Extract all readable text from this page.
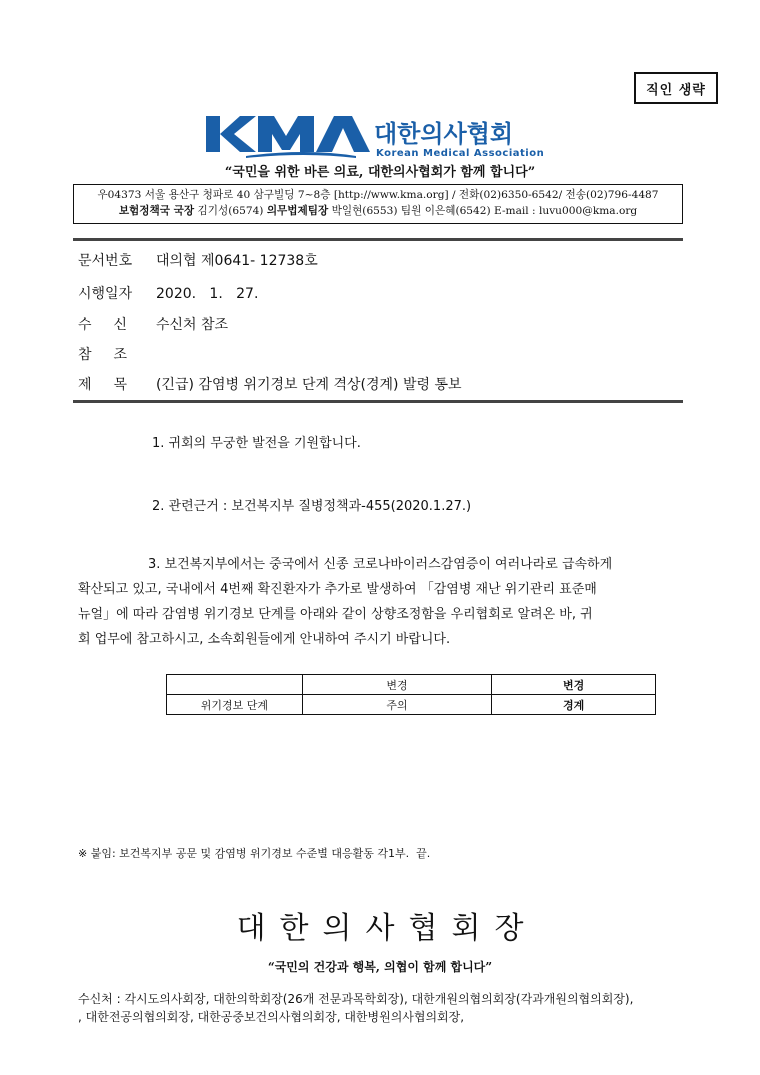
직인 생략
대한의사협회
Korean Medical Association
“국민을 위한 바른 의료, 대한의사협회가 함께 합니다”
우04373 서울 용산구 청파로 40 삼구빌딩 7~8층 [http://www.kma.org] / 전화(02)6350-6542/ 전송(02)796-4487
보험정책국 국장 김기성(6574) 의무법제팀장 박일현(6553) 팀원 이은혜(6542) E-mail : luvu000@kma.org
문서번호 대의협 제0641- 12738호
시행일자 2020.   1.   27.
수신 수신처 참조
참조
제목 (긴급) 감염병 위기경보 단계 격상(경계) 발령 통보
1. 귀회의 무궁한 발전을 기원합니다.
2. 관련근거 : 보건복지부 질병정책과-455(2020.1.27.)
3. 보건복지부에서는 중국에서 신종 코로나바이러스감염증이 여러나라로 급속하게
확산되고 있고, 국내에서 4번째 확진환자가 추가로 발생하여 「감염병 재난 위기관리 표준매
뉴얼」에 따라 감염병 위기경보 단계를 아래와 같이 상향조정함을 우리협회로 알려온 바, 귀
회 업무에 참고하시고, 소속회원들에게 안내하여 주시기 바랍니다.
	변경	변경
위기경보 단계	주의	경계
※ 붙임: 보건복지부 공문 및 감염병 위기경보 수준별 대응활동 각1부.  끝.
대한의사협회장
“국민의 건강과 행복, 의협이 함께 합니다”
수신처 : 각시도의사회장, 대한의학회장(26개 전문과목학회장), 대한개원의협의회장(각과개원의협의회장),
, 대한전공의협의회장, 대한공중보건의사협의회장, 대한병원의사협의회장,
